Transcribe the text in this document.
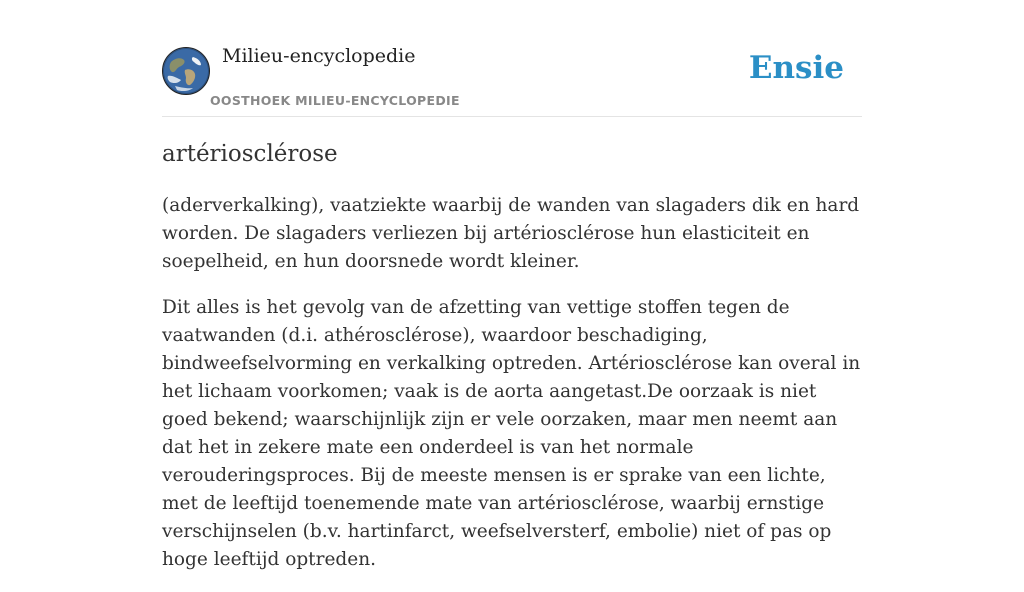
Milieu-encyclopedie
OOSTHOEK MILIEU-ENCYCLOPEDIE
Ensie
artériosclérose

(aderverkalking), vaatziekte waarbij de wanden van slagaders dik en hard worden. De slagaders verliezen bij artériosclérose hun elasticiteit en soepelheid, en hun doorsnede wordt kleiner.

Dit alles is het gevolg van de afzetting van vettige stoffen tegen de vaatwanden (d.i. athérosclérose), waardoor beschadiging, bindweefselvorming en verkalking optreden. Artériosclérose kan overal in het lichaam voorkomen; vaak is de aorta aangetast.De oorzaak is niet goed bekend; waarschijnlijk zijn er vele oorzaken, maar men neemt aan dat het in zekere mate een onderdeel is van het normale verouderingsproces. Bij de meeste mensen is er sprake van een lichte, met de leeftijd toenemende mate van artériosclérose, waarbij ernstige verschijnselen (b.v. hartinfarct, weefselversterf, embolie) niet of pas op hoge leeftijd optreden.
